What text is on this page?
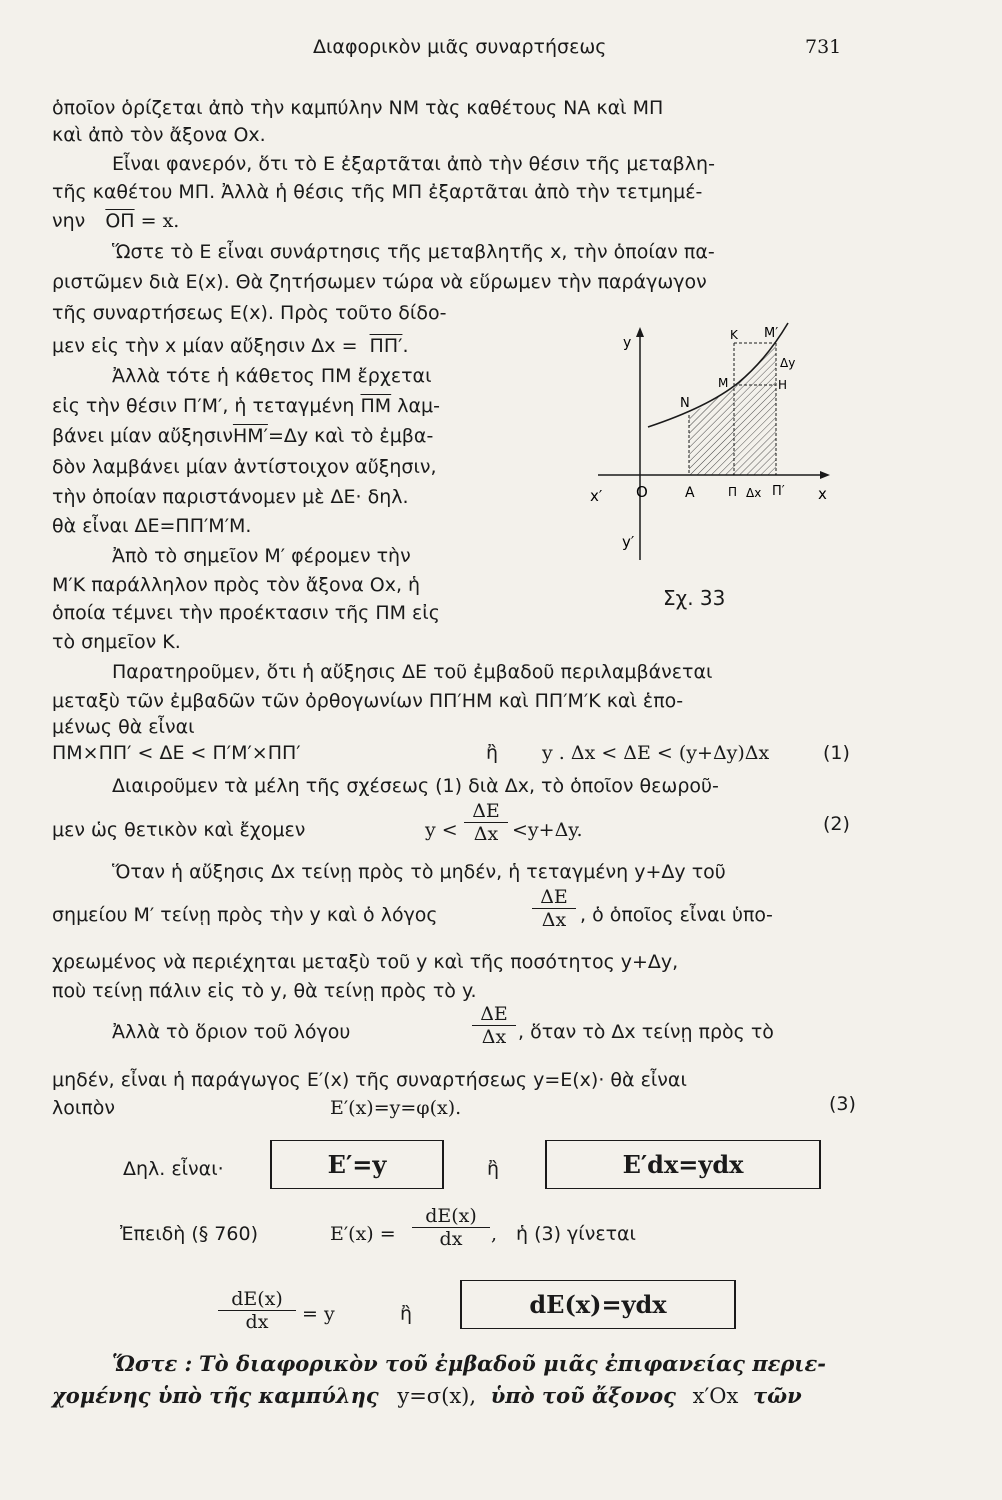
Διαφορικὸν μιᾶς συναρτήσεως	731
ὁποῖον ὁρίζεται ἀπὸ τὴν καμπύλην ΝΜ τὰς καθέτους ΝΑ καὶ ΜΠ
καὶ ἀπὸ τὸν ἄξονα Οx.
Εἶναι φανερόν, ὅτι τὸ Ε ἐξαρτᾶται ἀπὸ τὴν θέσιν τῆς μεταβλη-
τῆς καθέτου ΜΠ. Ἀλλὰ ἡ θέσις τῆς ΜΠ ἐξαρτᾶται ἀπὸ τὴν τετμημέ-
νην $\overline{O\Pi} = x$.
Ὥστε τὸ Ε εἶναι συνάρτησις τῆς μεταβλητῆς x, τὴν ὁποίαν πα-
ριστῶμεν διὰ Ε(x). Θὰ ζητήσωμεν τώρα νὰ εὕρωμεν τὴν παράγωγον
τῆς συναρτήσεως Ε(x). Πρὸς τοῦτο δίδο-
μεν εἰς τὴν x μίαν αὔξησιν Δx = ΠΠ′.
Ἀλλὰ τότε ἡ κάθετος ΠΜ ἔρχεται
εἰς τὴν θέσιν Π′Μ′, ἡ τεταγμένη $\overline{\Pi M}$ λαμ-
βάνει μίαν αὔξησινΗΜ′=Δy καὶ τὸ ἐμβα-
δὸν λαμβάνει μίαν ἀντίστοιχον αὔξησιν,
τὴν ὁποίαν παριστάνομεν μὲ ΔΕ· δηλ.
θὰ εἶναι ΔΕ=ΠΠ′Μ′Μ.
Ἀπὸ τὸ σημεῖον Μ′ φέρομεν τὴν
Μ′Κ παράλληλον πρὸς τὸν ἄξονα Οx, ἡ
ὁποία τέμνει τὴν προέκτασιν τῆς ΠΜ εἰς
τὸ σημεῖον Κ.
y	Κ Μ′
Δy
Μ	Η
Ν
x′ Ο	Α	Π Δx Π′ x
y′
Σχ. 33
Παρατηροῦμεν, ὅτι ἡ αὔξησις ΔΕ τοῦ ἐμβαδοῦ περιλαμβάνεται
μεταξὺ τῶν ἐμβαδῶν τῶν ὀρθογωνίων ΠΠ′ΗΜ καὶ ΠΠ′Μ′Κ καὶ ἑπο-
μένως θὰ εἶναι
ΠΜ×ΠΠ′ < ΔΕ < Π′Μ′×ΠΠ′	ἢ y . Δx < ΔΕ < (y+Δy)Δx	(1)
Διαιροῦμεν τὰ μέλη τῆς σχέσεως (1) διὰ Δx, τὸ ὁποῖον θεωροῦ-
μεν ὡς θετικὸν καὶ ἔχομεν	$y < \frac{\Delta E}{\Delta x} <y+\Delta y$.	(2)
Ὅταν ἡ αὔξησις Δx τείνῃ πρὸς τὸ μηδέν, ἡ τεταγμένη y+Δy τοῦ
σημείου Μ′ τείνῃ πρὸς τὴν y καὶ ὁ λόγος	$\frac{\Delta E}{\Delta x}$ , ὁ ὁποῖος εἶναι ὑπο-
χρεωμένος νὰ περιέχηται μεταξὺ τοῦ y καὶ τῆς ποσότητος y+Δy,
ποὺ τείνῃ πάλιν εἰς τὸ y, θὰ τείνῃ πρὸς τὸ y.
Ἀλλὰ τὸ ὅριον τοῦ λόγου	$\frac{\Delta E}{\Delta x}$ , ὅταν τὸ Δx τείνῃ πρὸς τὸ
μηδέν, εἶναι ἡ παράγωγος Ε′(x) τῆς συναρτήσεως y=Ε(x)· θὰ εἶναι
λοιπὸν	Ε′(x)=y=φ(x).	(3)
Δηλ. εἶναι·	Ε′=y	ἢ	E′dx=ydx
Ἐπειδὴ (§ 760)	$E'(x) = \frac{dE(x)}{dx}$ , ἡ (3) γίνεται
$\frac{dE(x)}{dx} = y$	ἢ	dE(x)=ydx
Ὥστε : Τὸ διαφορικὸν τοῦ ἐμβαδοῦ μιᾶς ἐπιφανείας περιε-
χομένης ὑπὸ τῆς καμπύλης y=σ(x), ὑπὸ τοῦ ἄξονος x′Ox τῶν
